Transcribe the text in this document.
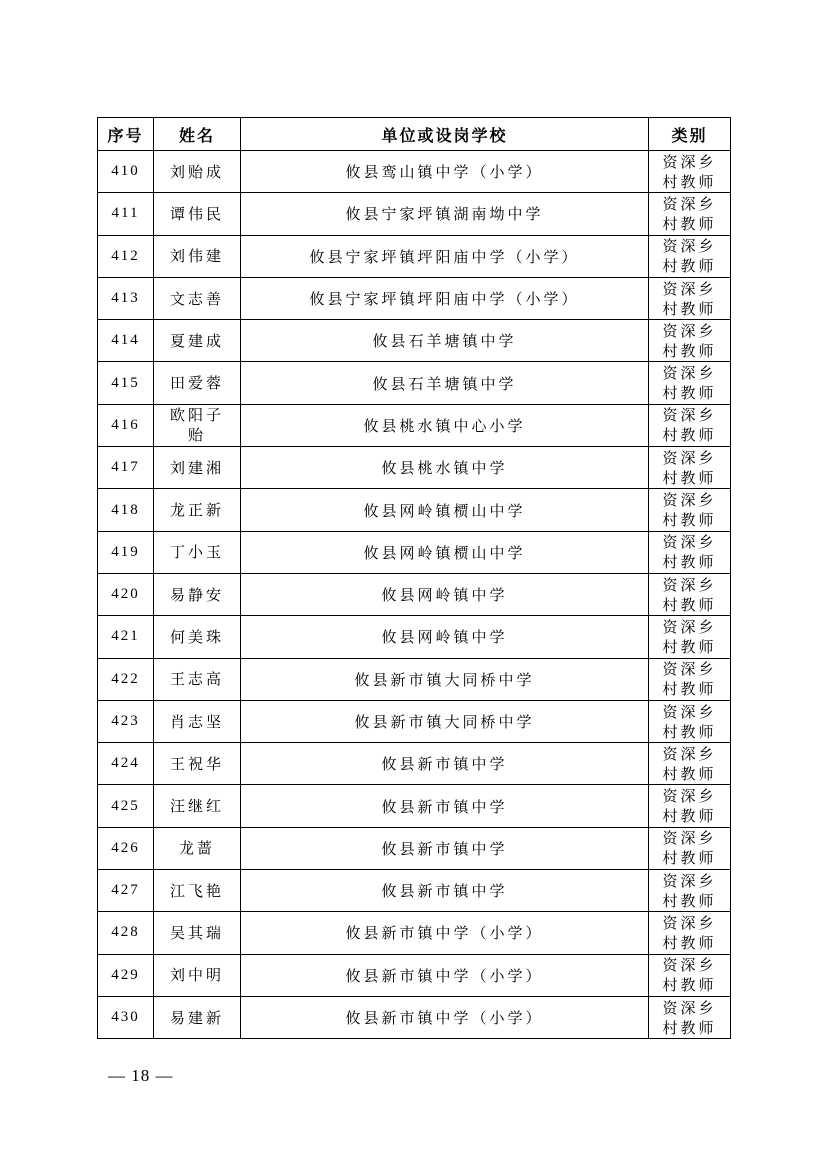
序号	姓名	单位或设岗学校	类别
410	刘贻成	攸县鸾山镇中学（小学）	资深乡村教师
411	谭伟民	攸县宁家坪镇湖南坳中学	资深乡村教师
412	刘伟建	攸县宁家坪镇坪阳庙中学（小学）	资深乡村教师
413	文志善	攸县宁家坪镇坪阳庙中学（小学）	资深乡村教师
414	夏建成	攸县石羊塘镇中学	资深乡村教师
415	田爱蓉	攸县石羊塘镇中学	资深乡村教师
416	欧阳子贻	攸县桃水镇中心小学	资深乡村教师
417	刘建湘	攸县桃水镇中学	资深乡村教师
418	龙正新	攸县网岭镇槚山中学	资深乡村教师
419	丁小玉	攸县网岭镇槚山中学	资深乡村教师
420	易静安	攸县网岭镇中学	资深乡村教师
421	何美珠	攸县网岭镇中学	资深乡村教师
422	王志高	攸县新市镇大同桥中学	资深乡村教师
423	肖志坚	攸县新市镇大同桥中学	资深乡村教师
424	王祝华	攸县新市镇中学	资深乡村教师
425	汪继红	攸县新市镇中学	资深乡村教师
426	龙蔷	攸县新市镇中学	资深乡村教师
427	江飞艳	攸县新市镇中学	资深乡村教师
428	吴其瑞	攸县新市镇中学（小学）	资深乡村教师
429	刘中明	攸县新市镇中学（小学）	资深乡村教师
430	易建新	攸县新市镇中学（小学）	资深乡村教师
— 18 —
